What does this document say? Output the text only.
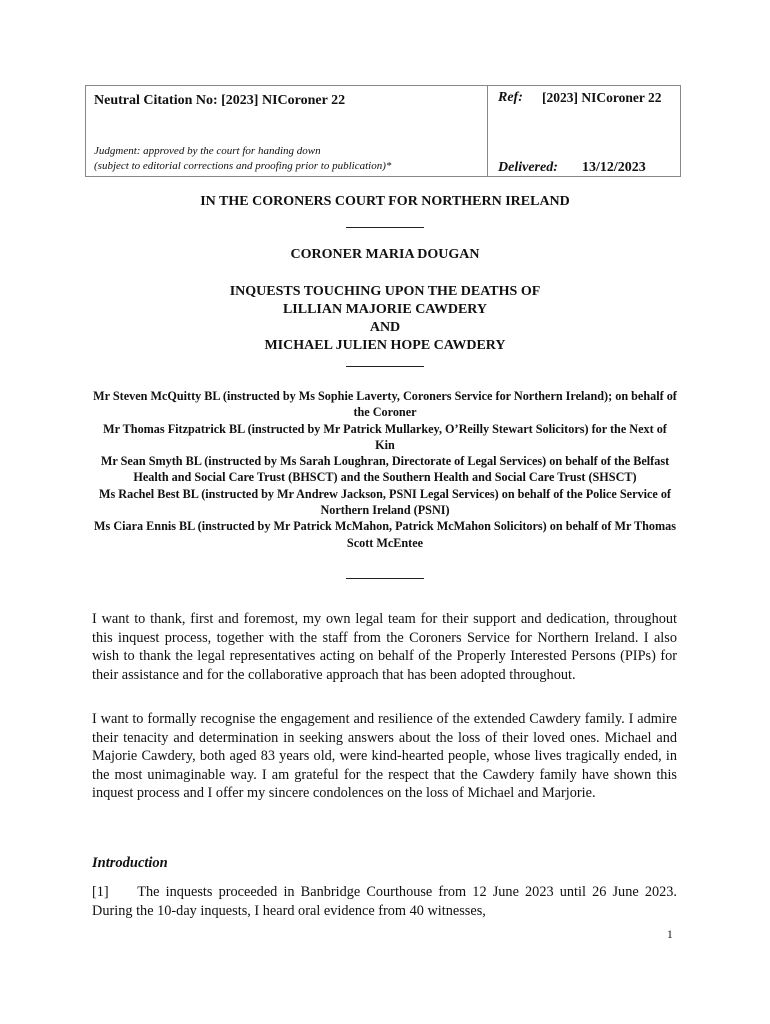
Neutral Citation No: [2023] NICoroner 22
Judgment: approved by the court for handing down
(subject to editorial corrections and proofing prior to publication)*
Ref: [2023] NICoroner 22
Delivered: 13/12/2023
IN THE CORONERS COURT FOR NORTHERN IRELAND
CORONER MARIA DOUGAN
INQUESTS TOUCHING UPON THE DEATHS OF
LILLIAN MAJORIE CAWDERY
AND
MICHAEL JULIEN HOPE CAWDERY

Mr Steven McQuitty BL (instructed by Ms Sophie Laverty, Coroners Service for Northern Ireland); on behalf of the Coroner

Mr Thomas Fitzpatrick BL (instructed by Mr Patrick Mullarkey, O’Reilly Stewart Solicitors) for the Next of Kin

Mr Sean Smyth BL (instructed by Ms Sarah Loughran, Directorate of Legal Services) on behalf of the Belfast Health and Social Care Trust (BHSCT) and the Southern Health and Social Care Trust (SHSCT)

Ms Rachel Best BL (instructed by Mr Andrew Jackson, PSNI Legal Services) on behalf of the Police Service of Northern Ireland (PSNI)

Ms Ciara Ennis BL (instructed by Mr Patrick McMahon, Patrick McMahon Solicitors) on behalf of Mr Thomas Scott McEntee

I want to thank, first and foremost, my own legal team for their support and dedication, throughout this inquest process, together with the staff from the Coroners Service for Northern Ireland. I also wish to thank the legal representatives acting on behalf of the Properly Interested Persons (PIPs) for their assistance and for the collaborative approach that has been adopted throughout.
I want to formally recognise the engagement and resilience of the extended Cawdery family. I admire their tenacity and determination in seeking answers about the loss of their loved ones. Michael and Majorie Cawdery, both aged 83 years old, were kind-hearted people, whose lives tragically ended, in the most unimaginable way. I am grateful for the respect that the Cawdery family have shown this inquest process and I offer my sincere condolences on the loss of Michael and Marjorie.
Introduction
[1]  The inquests proceeded in Banbridge Courthouse from 12 June 2023 until 26 June 2023. During the 10-day inquests, I heard oral evidence from 40 witnesses,
1
